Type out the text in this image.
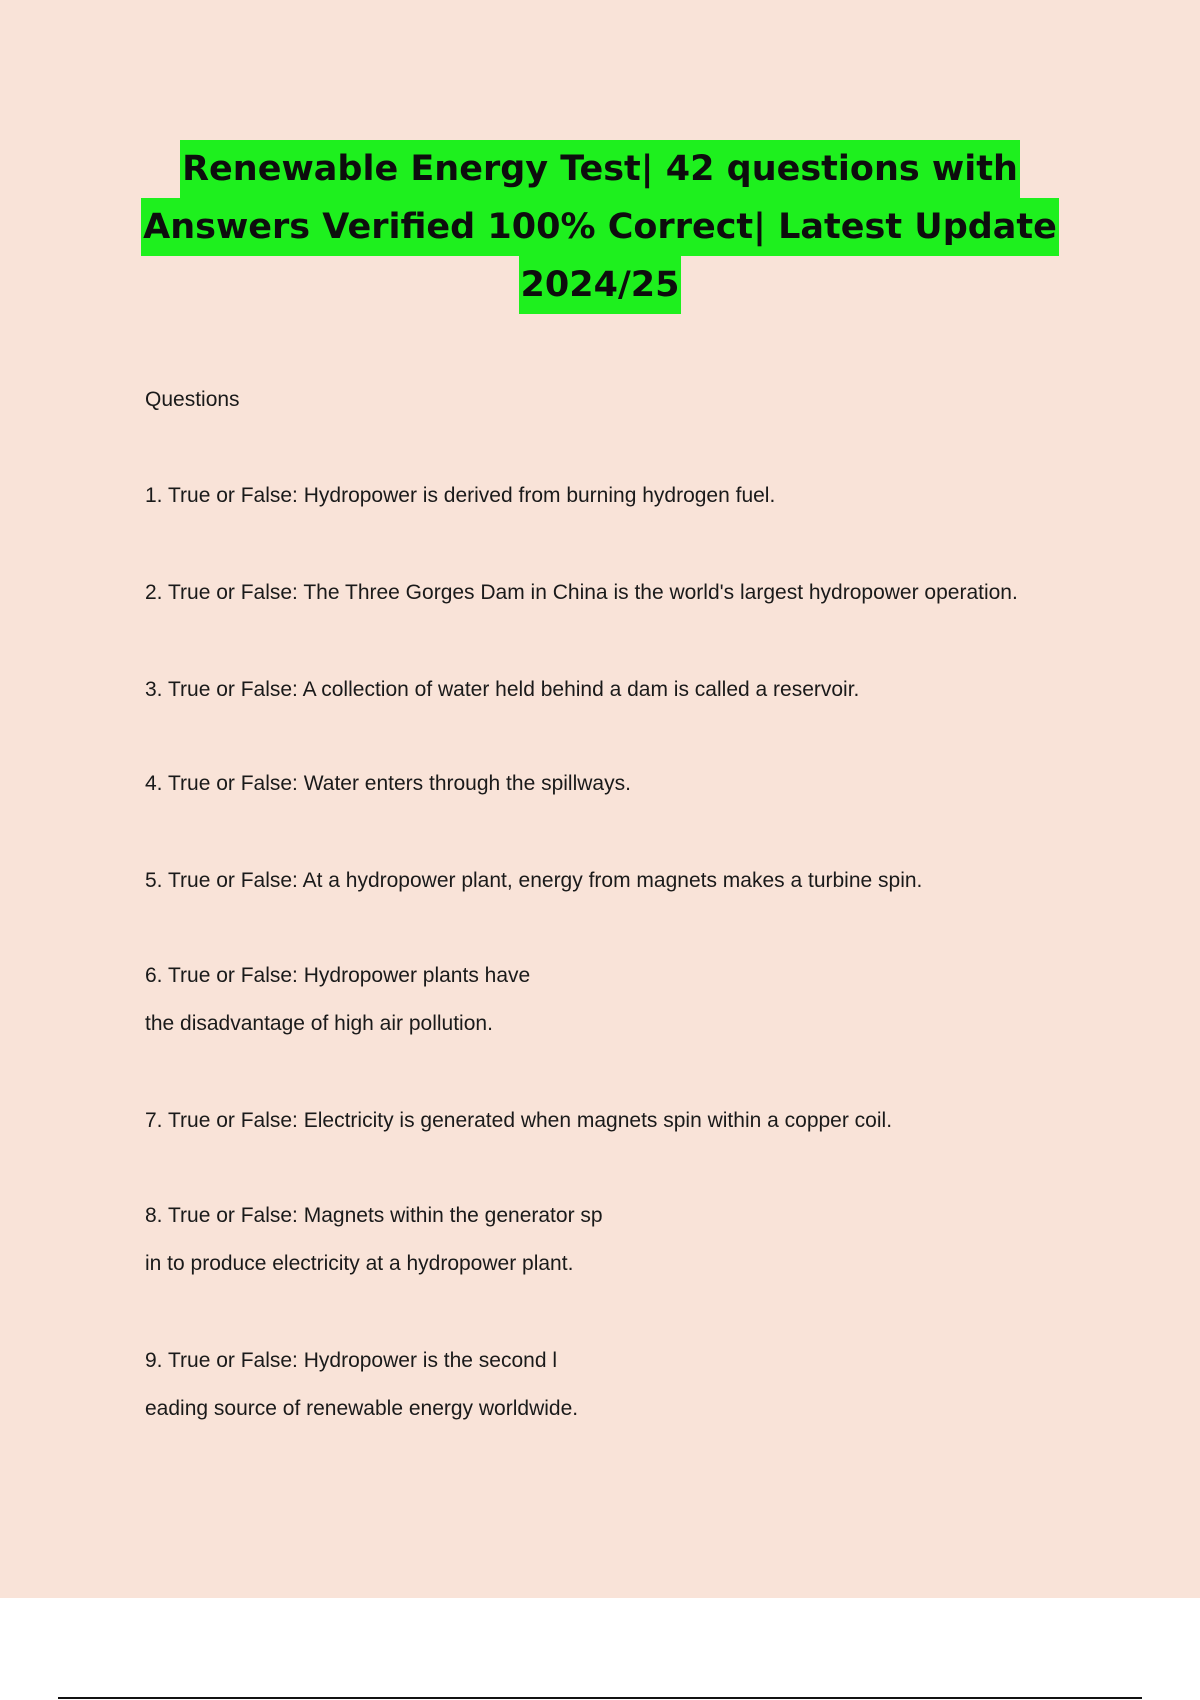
Renewable Energy Test| 42 questions with
Answers Verified 100% Correct| Latest Update
2024/25
Questions
1. True or False: Hydropower is derived from burning hydrogen fuel.
2. True or False: The Three Gorges Dam in China is the world's largest hydropower operation.
3. True or False: A collection of water held behind a dam is called a reservoir.
4. True or False: Water enters through the spillways.
5. True or False: At a hydropower plant, energy from magnets makes a turbine spin.
6. True or False: Hydropower plants have
the disadvantage of high air pollution.
7. True or False: Electricity is generated when magnets spin within a copper coil.
8. True or False: Magnets within the generator sp
in to produce electricity at a hydropower plant.
9. True or False: Hydropower is the second l
eading source of renewable energy worldwide.
